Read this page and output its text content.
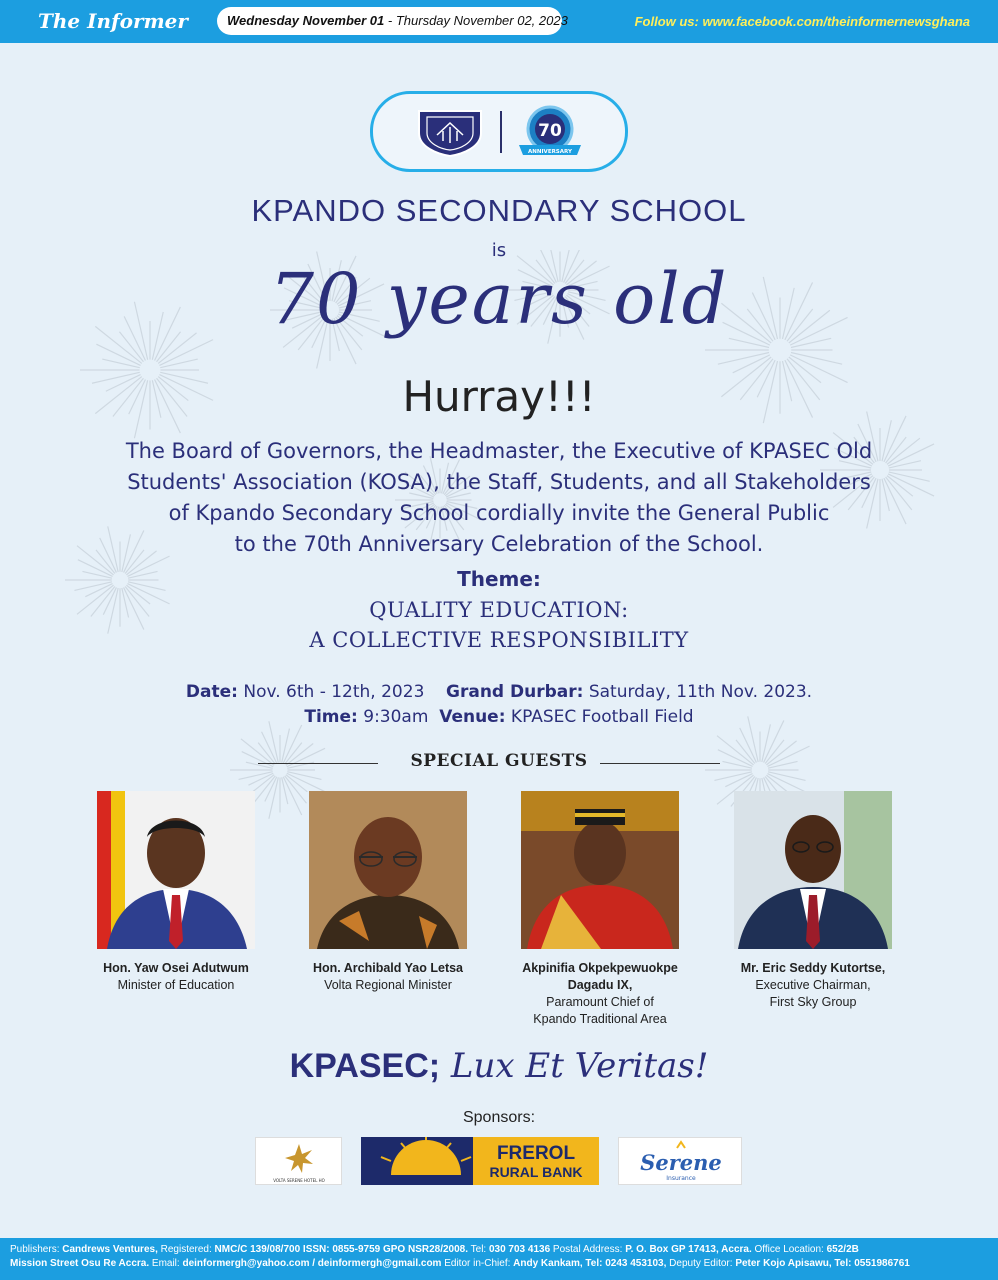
The Informer	Wednesday November 01 - Thursday November 02, 2023	Follow us: www.facebook.com/theinformernewsghana
70
ANNIVERSARY
KPANDO SECONDARY SCHOOL
is
70 years old
Hurray!!!
The Board of Governors, the Headmaster, the Executive of KPASEC Old
Students' Association (KOSA), the Staff, Students, and all Stakeholders
of Kpando Secondary School cordially invite the General Public
to the 70th Anniversary Celebration of the School.
Theme:
QUALITY EDUCATION:
A COLLECTIVE RESPONSIBILITY
Date: Nov. 6th - 12th, 2023 Grand Durbar: Saturday, 11th Nov. 2023.
Time: 9:30am Venue: KPASEC Football Field
SPECIAL GUESTS
Hon. Yaw Osei Adutwum
Minister of Education
Hon. Archibald Yao Letsa
Volta Regional Minister
Akpinifia Okpekpewuokpe Dagadu IX,
Paramount Chief of
Kpando Traditional Area
Mr. Eric Seddy Kutortse,
Executive Chairman,
First Sky Group
KPASEC; Lux Et Veritas!
Sponsors:
VOLTA SERENE HOTEL HO
FREROL
RURAL BANK	Serene
Insurance
Publishers: Candrews Ventures, Registered: NMC/C 139/08/700 ISSN: 0855-9759 GPO NSR28/2008. Tel: 030 703 4136 Postal Address: P. O. Box GP 17413, Accra. Office Location: 652/2B
Mission Street Osu Re Accra. Email: deinformergh@yahoo.com / deinformergh@gmail.com Editor in-Chief: Andy Kankam, Tel: 0243 453103, Deputy Editor: Peter Kojo Apisawu, Tel: 0551986761
